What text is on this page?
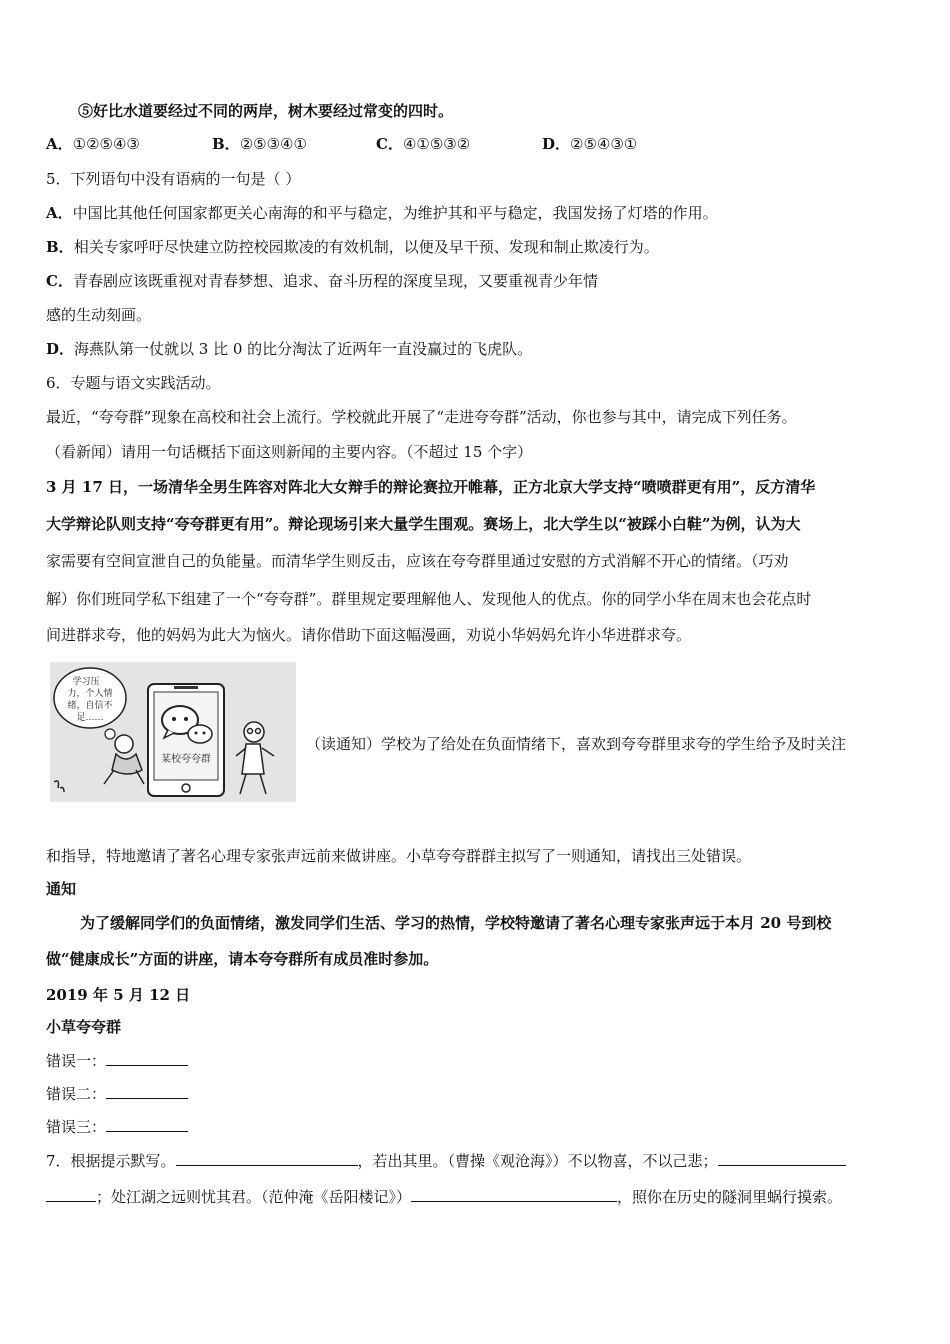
⑤好比水道要经过不同的两岸，树木要经过常变的四时。
A．①②⑤④③	B．②⑤③④①	C．④①⑤③②	D．②⑤④③①
5．下列语句中没有语病的一句是（ ）
A．中国比其他任何国家都更关心南海的和平与稳定，为维护其和平与稳定，我国发扬了灯塔的作用。
B．相关专家呼吁尽快建立防控校园欺凌的有效机制，以便及早干预、发现和制止欺凌行为。
C．青春剧应该既重视对青春梦想、追求、奋斗历程的深度呈现，又要重视青少年情
感的生动刻画。
D．海燕队第一仗就以 3 比 0 的比分淘汰了近两年一直没赢过的飞虎队。
6．专题与语文实践活动。
最近，“夸夸群”现象在高校和社会上流行。学校就此开展了“走进夸夸群”活动，你也参与其中，请完成下列任务。
（看新闻）请用一句话概括下面这则新闻的主要内容。（不超过 15 个字）
3 月 17 日，一场清华全男生阵容对阵北大女辩手的辩论赛拉开帷幕，正方北京大学支持“喷喷群更有用”，反方清华
大学辩论队则支持“夸夸群更有用”。辩论现场引来大量学生围观。赛场上，北大学生以“被踩小白鞋”为例，认为大
家需要有空间宣泄自己的负能量。而清华学生则反击，应该在夸夸群里通过安慰的方式消解不开心的情绪。（巧劝
解）你们班同学私下组建了一个“夸夸群”。群里规定要理解他人、发现他人的优点。你的同学小华在周末也会花点时
间进群求夸，他的妈妈为此大为恼火。请你借助下面这幅漫画，劝说小华妈妈允许小华进群求夸。
某校夸夸群
学习压
力，个人情
绪，自信不
足……
（读通知）学校为了给处在负面情绪下，喜欢到夸夸群里求夸的学生给予及时关注
和指导，特地邀请了著名心理专家张声远前来做讲座。小草夸夸群群主拟写了一则通知，请找出三处错误。
通知
为了缓解同学们的负面情绪，激发同学们生活、学习的热情，学校特邀请了著名心理专家张声远于本月 20 号到校
做“健康成长”方面的讲座，请本夸夸群所有成员准时参加。
2019 年 5 月 12 日
小草夸夸群
错误一：
错误二：
错误三：
7．根据提示默写。	，若出其里。（曹操《观沧海》）不以物喜，不以己悲；
；处江湖之远则忧其君。（范仲淹《岳阳楼记》）	，照你在历史的隧洞里蜗行摸索。
